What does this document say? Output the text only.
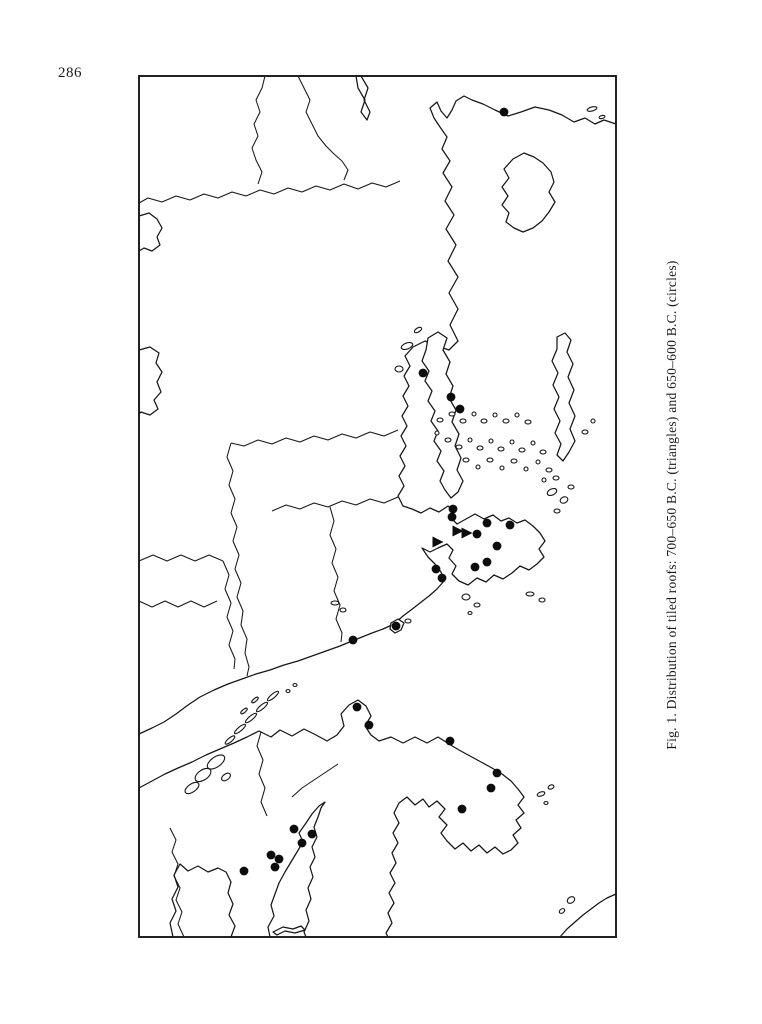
286
Fig. 1. Distribution of tiled roofs: 700–650 B.C. (triangles) and 650–600 B.C. (circles)
